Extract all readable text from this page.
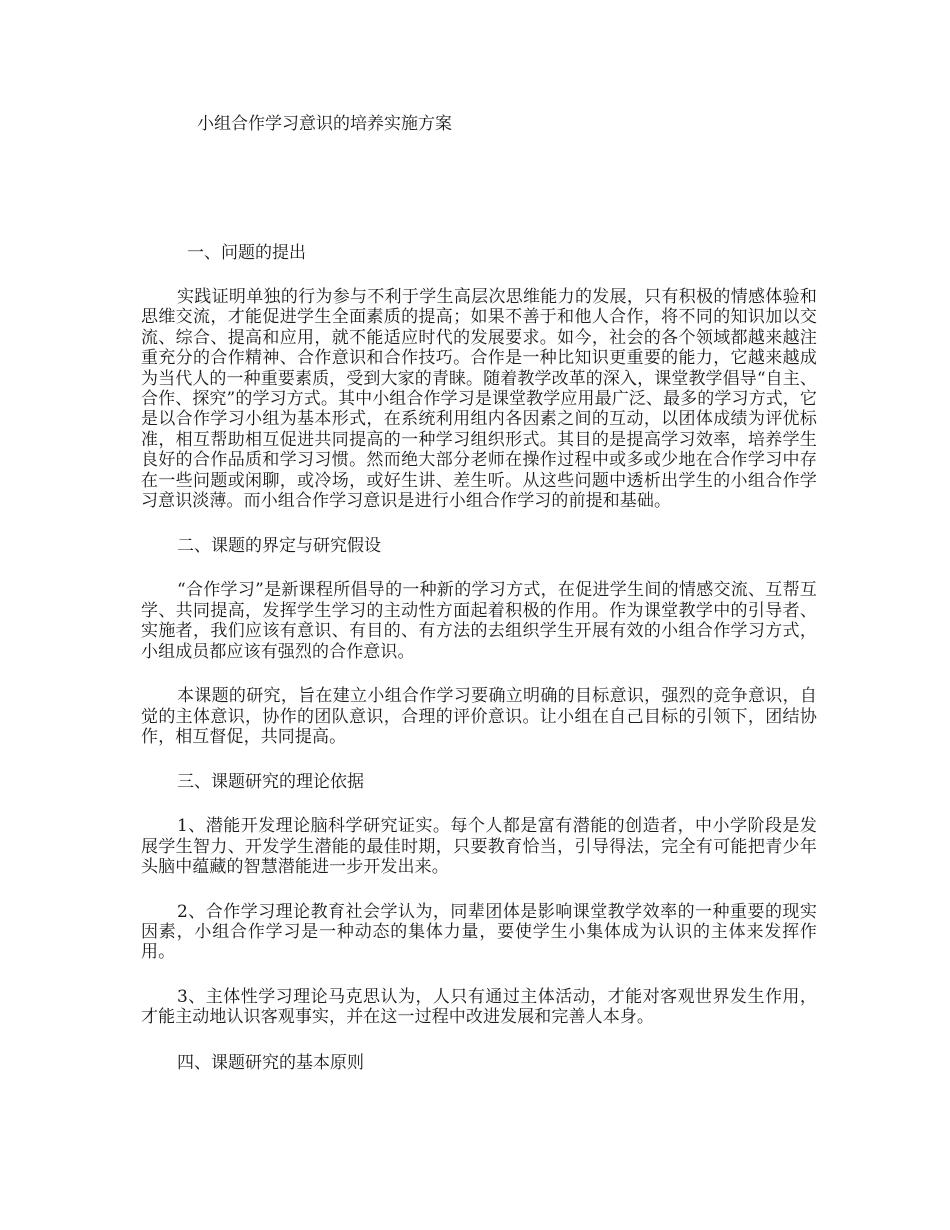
小组合作学习意识的培养实施方案
一、问题的提出

实践证明单独的行为参与不利于学生高层次思维能力的发展，只有积极的情感体验和思维交流，才能促进学生全面素质的提高；如果不善于和他人合作，将不同的知识加以交流、综合、提高和应用，就不能适应时代的发展要求。如今，社会的各个领域都越来越注重充分的合作精神、合作意识和合作技巧。合作是一种比知识更重要的能力，它越来越成为当代人的一种重要素质，受到大家的青睐。随着教学改革的深入，课堂教学倡导“自主、合作、探究”的学习方式。其中小组合作学习是课堂教学应用最广泛、最多的学习方式，它是以合作学习小组为基本形式，在系统利用组内各因素之间的互动，以团体成绩为评优标准，相互帮助相互促进共同提高的一种学习组织形式。其目的是提高学习效率，培养学生良好的合作品质和学习习惯。然而绝大部分老师在操作过程中或多或少地在合作学习中存在一些问题或闲聊，或冷场，或好生讲、差生听。从这些问题中透析出学生的小组合作学习意识淡薄。而小组合作学习意识是进行小组合作学习的前提和基础。

二、课题的界定与研究假设

“合作学习”是新课程所倡导的一种新的学习方式，在促进学生间的情感交流、互帮互学、共同提高，发挥学生学习的主动性方面起着积极的作用。作为课堂教学中的引导者、实施者，我们应该有意识、有目的、有方法的去组织学生开展有效的小组合作学习方式，小组成员都应该有强烈的合作意识。

本课题的研究，旨在建立小组合作学习要确立明确的目标意识，强烈的竞争意识，自觉的主体意识，协作的团队意识，合理的评价意识。让小组在自己目标的引领下，团结协作，相互督促，共同提高。

三、课题研究的理论依据

1、潜能开发理论脑科学研究证实。每个人都是富有潜能的创造者，中小学阶段是发展学生智力、开发学生潜能的最佳时期，只要教育恰当，引导得法，完全有可能把青少年头脑中蕴藏的智慧潜能进一步开发出来。

2、合作学习理论教育社会学认为，同辈团体是影响课堂教学效率的一种重要的现实因素，小组合作学习是一种动态的集体力量，要使学生小集体成为认识的主体来发挥作用。

3、主体性学习理论马克思认为，人只有通过主体活动，才能对客观世界发生作用，才能主动地认识客观事实，并在这一过程中改进发展和完善人本身。

四、课题研究的基本原则
